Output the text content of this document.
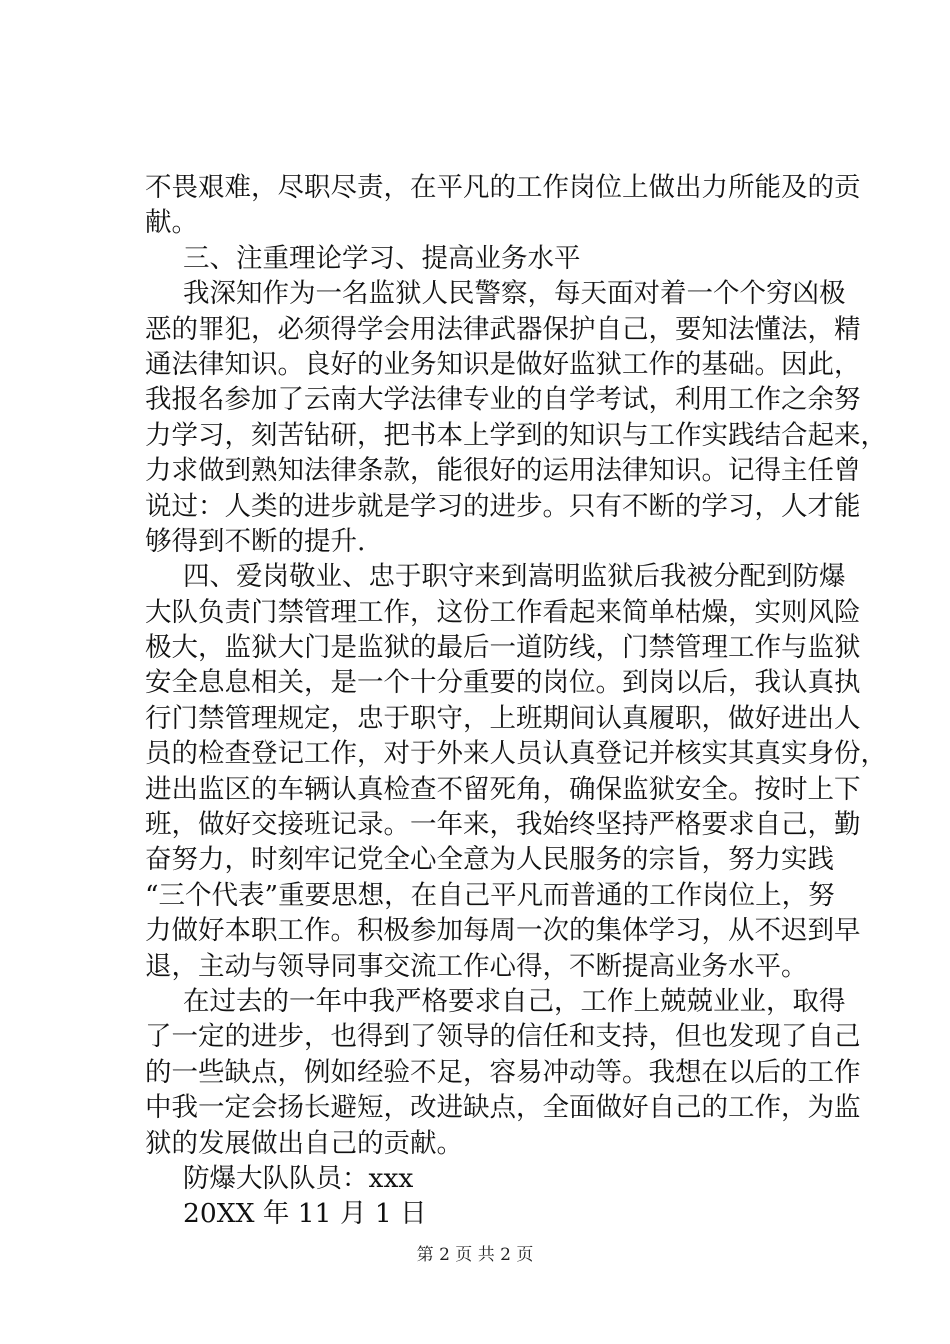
不畏艰难，尽职尽责，在平凡的工作岗位上做出力所能及的贡
献。
三、注重理论学习、提高业务水平
我深知作为一名监狱人民警察，每天面对着一个个穷凶极
恶的罪犯，必须得学会用法律武器保护自己，要知法懂法，精
通法律知识。良好的业务知识是做好监狱工作的基础。因此，
我报名参加了云南大学法律专业的自学考试，利用工作之余努
力学习，刻苦钻研，把书本上学到的知识与工作实践结合起来，
力求做到熟知法律条款，能很好的运用法律知识。记得主任曾
说过：人类的进步就是学习的进步。只有不断的学习，人才能
够得到不断的提升.
四、爱岗敬业、忠于职守来到嵩明监狱后我被分配到防爆
大队负责门禁管理工作，这份工作看起来简单枯燥，实则风险
极大，监狱大门是监狱的最后一道防线，门禁管理工作与监狱
安全息息相关，是一个十分重要的岗位。到岗以后，我认真执
行门禁管理规定，忠于职守，上班期间认真履职，做好进出人
员的检查登记工作，对于外来人员认真登记并核实其真实身份，
进出监区的车辆认真检查不留死角，确保监狱安全。按时上下
班，做好交接班记录。一年来，我始终坚持严格要求自己，勤
奋努力，时刻牢记党全心全意为人民服务的宗旨，努力实践
“三个代表”重要思想，在自己平凡而普通的工作岗位上，努
力做好本职工作。积极参加每周一次的集体学习，从不迟到早
退，主动与领导同事交流工作心得，不断提高业务水平。
在过去的一年中我严格要求自己，工作上兢兢业业，取得
了一定的进步，也得到了领导的信任和支持，但也发现了自己
的一些缺点，例如经验不足，容易冲动等。我想在以后的工作
中我一定会扬长避短，改进缺点，全面做好自己的工作，为监
狱的发展做出自己的贡献。
防爆大队队员：xxx
20XX 年 11 月 1 日
第 2 页 共 2 页
